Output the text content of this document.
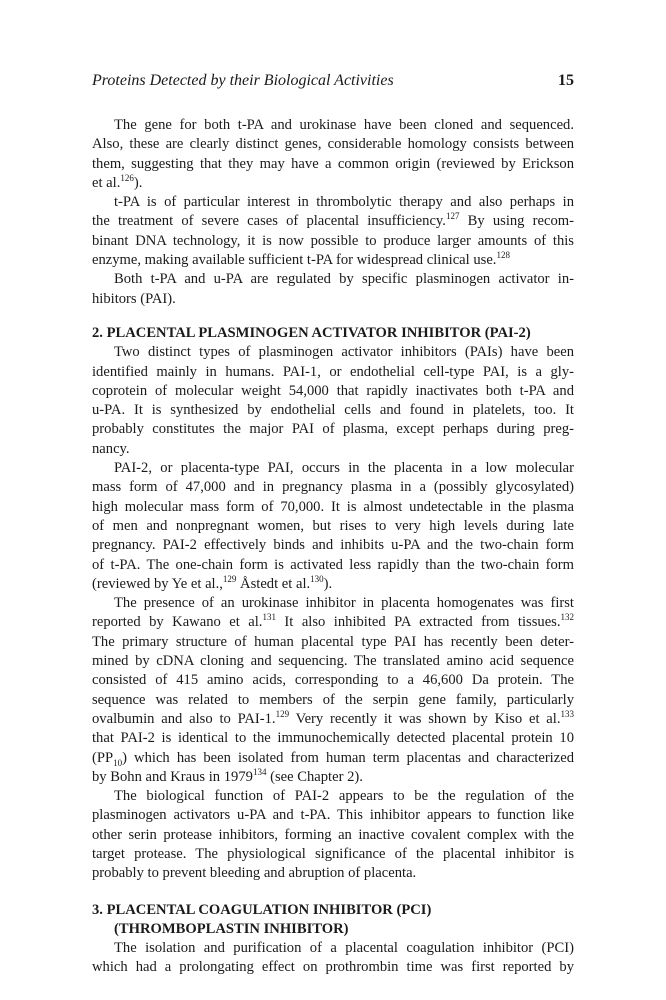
Proteins Detected by their Biological Activities	15
The gene for both t-PA and urokinase have been cloned and sequenced.
Also, these are clearly distinct genes, considerable homology consists between
them, suggesting that they may have a common origin (reviewed by Erickson
et al.$^{126}$).
t-PA is of particular interest in thrombolytic therapy and also perhaps in
the treatment of severe cases of placental insufficiency.$^{127}$ By using recom-
binant DNA technology, it is now possible to produce larger amounts of this
enzyme, making available sufficient t-PA for widespread clinical use.$^{128}$
Both t-PA and u-PA are regulated by specific plasminogen activator in-
hibitors (PAI).
2. PLACENTAL PLASMINOGEN ACTIVATOR INHIBITOR (PAI-2)
Two distinct types of plasminogen activator inhibitors (PAIs) have been
identified mainly in humans. PAI-1, or endothelial cell-type PAI, is a gly-
coprotein of molecular weight 54,000 that rapidly inactivates both t-PA and
u-PA. It is synthesized by endothelial cells and found in platelets, too. It
probably constitutes the major PAI of plasma, except perhaps during preg-
nancy.
PAI-2, or placenta-type PAI, occurs in the placenta in a low molecular
mass form of 47,000 and in pregnancy plasma in a (possibly glycosylated)
high molecular mass form of 70,000. It is almost undetectable in the plasma
of men and nonpregnant women, but rises to very high levels during late
pregnancy. PAI-2 effectively binds and inhibits u-PA and the two-chain form
of t-PA. The one-chain form is activated less rapidly than the two-chain form
(reviewed by Ye et al.,$^{129}$ Åstedt et al.$^{130}$).
The presence of an urokinase inhibitor in placenta homogenates was first
reported by Kawano et al.$^{131}$ It also inhibited PA extracted from tissues.$^{132}$
The primary structure of human placental type PAI has recently been deter-
mined by cDNA cloning and sequencing. The translated amino acid sequence
consisted of 415 amino acids, corresponding to a 46,600 Da protein. The
sequence was related to members of the serpin gene family, particularly
ovalbumin and also to PAI-1.$^{129}$ Very recently it was shown by Kiso et al.$^{133}$
that PAI-2 is identical to the immunochemically detected placental protein 10
$(PP_{10})$ which has been isolated from human term placentas and characterized
by Bohn and Kraus in 1979$^{134}$ (see Chapter 2).
The biological function of PAI-2 appears to be the regulation of the
plasminogen activators u-PA and t-PA. This inhibitor appears to function like
other serin protease inhibitors, forming an inactive covalent complex with the
target protease. The physiological significance of the placental inhibitor is
probably to prevent bleeding and abruption of placenta.
3. PLACENTAL COAGULATION INHIBITOR (PCI)
(THROMBOPLASTIN INHIBITOR)
The isolation and purification of a placental coagulation inhibitor (PCI)
which had a prolongating effect on prothrombin time was first reported by
